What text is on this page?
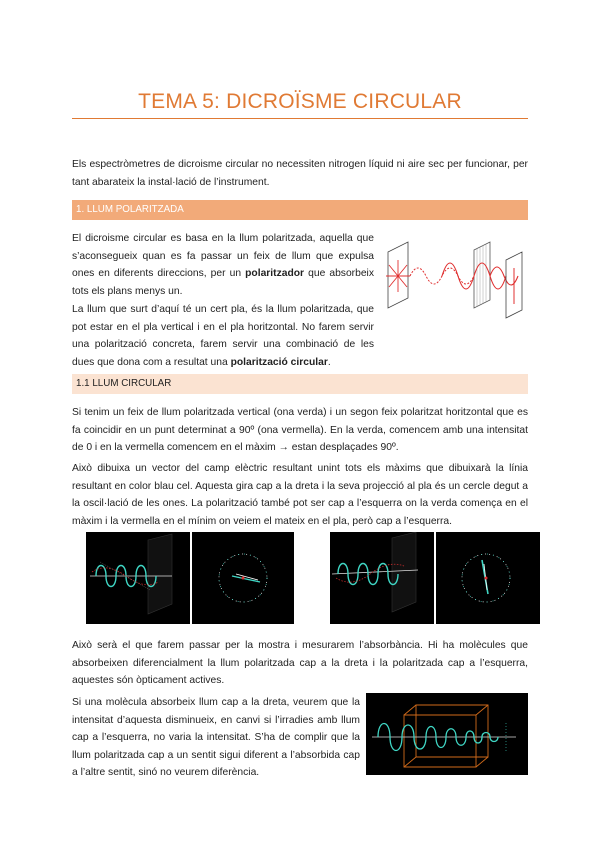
TEMA 5: DICROÏSME CIRCULAR

Els espectròmetres de dicroisme circular no necessiten nitrogen líquid ni aire sec per funcionar, per tant abarateix la instal·lació de l’instrument.

1. LLUM POLARITZADA

El dicroisme circular es basa en la llum polaritzada, aquella que s’aconsegueix quan es fa passar un feix de llum que expulsa ones en diferents direccions, per un polaritzador que absorbeix tots els plans menys un.

La llum que surt d’aquí té un cert pla, és la llum polaritzada, que pot estar en el pla vertical i en el pla horitzontal. No farem servir una polarització concreta, farem servir una combinació de les dues que dona com a resultat una polarització circular.

1.1 LLUM CIRCULAR

Si tenim un feix de llum polaritzada vertical (ona verda) i un segon feix polaritzat horitzontal que es fa coincidir en un punt determinat a 90º (ona vermella). En la verda, comencem amb una intensitat de 0 i en la vermella comencem en el màxim → estan desplaçades 90º.

Això dibuixa un vector del camp elèctric resultant unint tots els màxims que dibuixarà la línia resultant en color blau cel. Aquesta gira cap a la dreta i la seva projecció al pla és un cercle degut a la oscil·lació de les ones. La polarització també pot ser cap a l’esquerra on la verda comença en el màxim i la vermella en el mínim on veiem el mateix en el pla, però cap a l’esquerra.

Això serà el que farem passar per la mostra i mesurarem l’absorbància. Hi ha molècules que absorbeixen diferencialment la llum polaritzada cap a la dreta i la polaritzada cap a l’esquerra, aquestes són òpticament actives.

Si una molècula absorbeix llum cap a la dreta, veurem que la intensitat d’aquesta disminueix, en canvi si l’irradies amb llum cap a l’esquerra, no varia la intensitat. S’ha de complir que la llum polaritzada cap a un sentit sigui diferent a l’absorbida cap a l’altre sentit, sinó no veurem diferència.
